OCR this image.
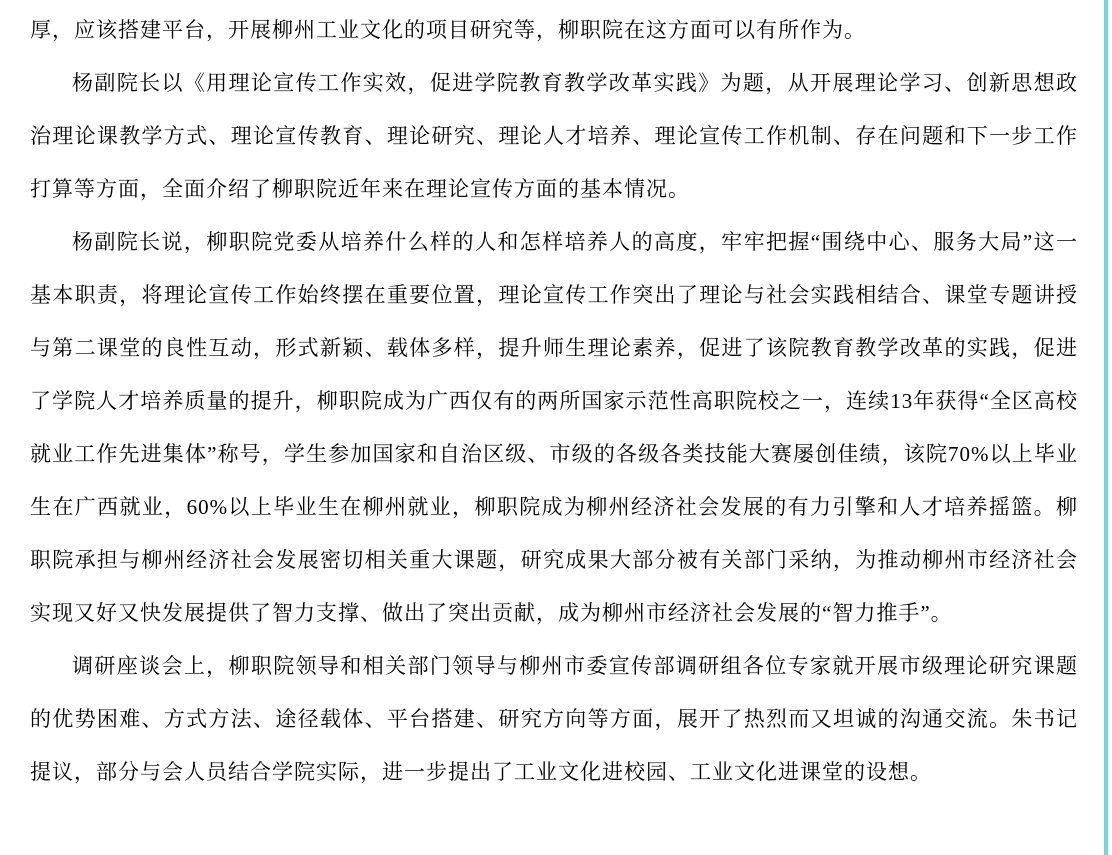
厚，应该搭建平台，开展柳州工业文化的项目研究等，柳职院在这方面可以有所作为。

杨副院长以《用理论宣传工作实效，促进学院教育教学改革实践》为题，从开展理论学习、创新思想政治理论课教学方式、理论宣传教育、理论研究、理论人才培养、理论宣传工作机制、存在问题和下一步工作打算等方面，全面介绍了柳职院近年来在理论宣传方面的基本情况。

杨副院长说，柳职院党委从培养什么样的人和怎样培养人的高度，牢牢把握“围绕中心、服务大局”这一基本职责，将理论宣传工作始终摆在重要位置，理论宣传工作突出了理论与社会实践相结合、课堂专题讲授与第二课堂的良性互动，形式新颖、载体多样，提升师生理论素养，促进了该院教育教学改革的实践，促进了学院人才培养质量的提升，柳职院成为广西仅有的两所国家示范性高职院校之一，连续13年获得“全区高校就业工作先进集体”称号，学生参加国家和自治区级、市级的各级各类技能大赛屡创佳绩，该院70%以上毕业生在广西就业，60%以上毕业生在柳州就业，柳职院成为柳州经济社会发展的有力引擎和人才培养摇篮。柳职院承担与柳州经济社会发展密切相关重大课题，研究成果大部分被有关部门采纳，为推动柳州市经济社会实现又好又快发展提供了智力支撑、做出了突出贡献，成为柳州市经济社会发展的“智力推手”。

调研座谈会上，柳职院领导和相关部门领导与柳州市委宣传部调研组各位专家就开展市级理论研究课题的优势困难、方式方法、途径载体、平台搭建、研究方向等方面，展开了热烈而又坦诚的沟通交流。朱书记提议，部分与会人员结合学院实际，进一步提出了工业文化进校园、工业文化进课堂的设想。
